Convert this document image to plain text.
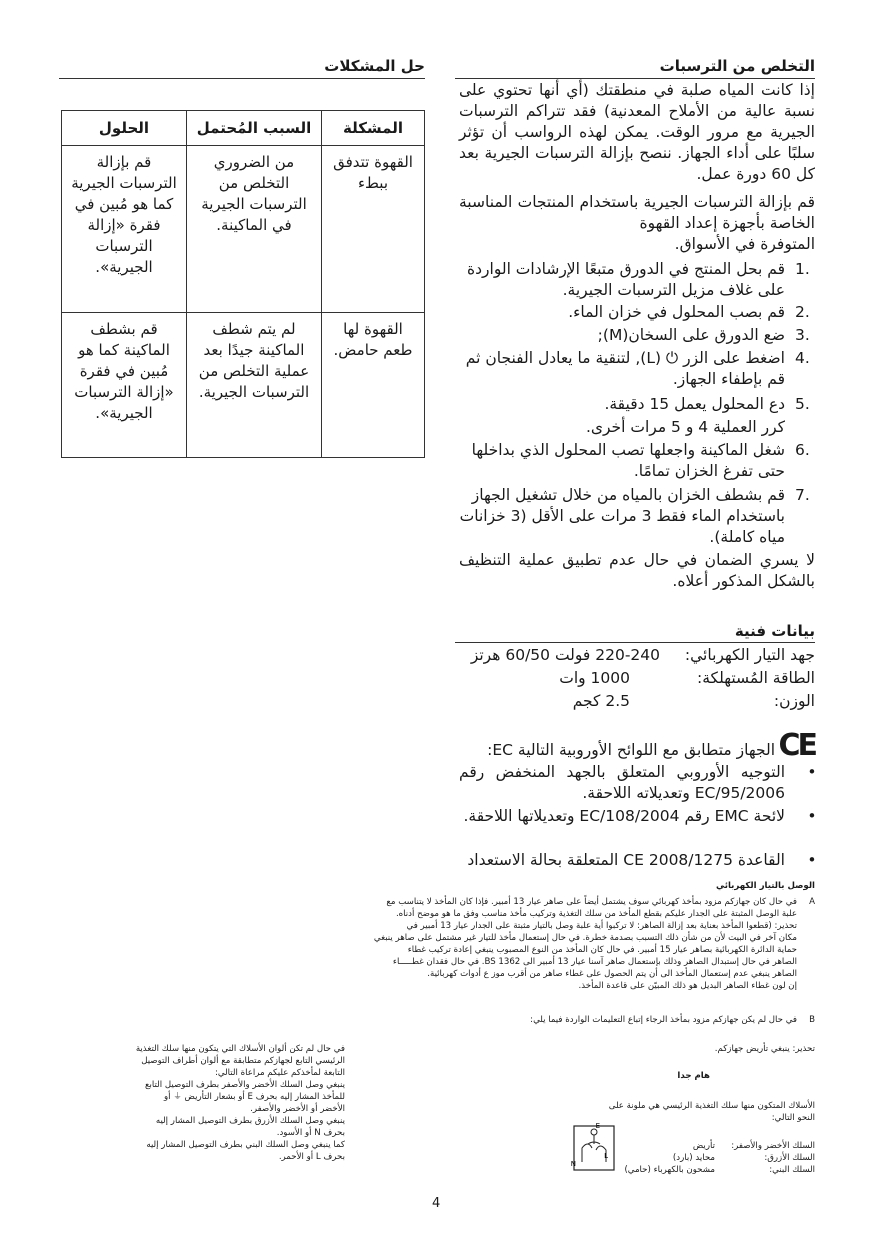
التخلص من الترسبات
إذا كانت المياه صلبة في منطقتك (أي أنها تحتوي على نسبة عالية من الأملاح المعدنية) فقد تتراكم الترسبات الجيرية مع مرور الوقت. يمكن لهذه الرواسب أن تؤثر سلبًا على أداء الجهاز. ننصح بإزالة الترسبات الجيرية بعد كل 60 دورة عمل.
قم بإزالة الترسبات الجيرية باستخدام المنتجات المناسبة الخاصة بأجهزة إعداد القهوة
المتوفرة في الأسواق.
1.
قم بحل المنتج في الدورق متبعًا الإرشادات الواردة على غلاف مزيل الترسبات الجيرية.
2.
قم بصب المحلول في خزان الماء.
3.
ضع الدورق على السخان(M);
4.
اضغط على الزر ⏻ (L), لتنقية ما يعادل الفنجان ثم قم بإطفاء الجهاز.
5.
دع المحلول يعمل 15 دقيقة.
كرر العملية 4 و 5 مرات أخرى.
6.
شغل الماكينة واجعلها تصب المحلول الذي بداخلها حتى تفرغ الخزان تمامًا.
7.
قم بشطف الخزان بالمياه من خلال تشغيل الجهاز باستخدام الماء فقط 3 مرات على الأقل (3 خزانات مياه كاملة).
لا يسري الضمان في حال عدم تطبيق عملية التنظيف بالشكل المذكور أعلاه.
حل المشكلات
المشكلة	السبب المُحتمل	الحلول
القهوة تتدفق ببطء	من الضروري التخلص من الترسبات الجيرية في الماكينة.	قم بإزالة الترسبات الجيرية كما هو مُبين في فقرة «إزالة الترسبات الجيرية».
القهوة لها طعم حامض.	لم يتم شطف الماكينة جيدًا بعد عملية التخلص من الترسبات الجيرية.	قم بشطف الماكينة كما هو مُبين في فقرة «إزالة الترسبات الجيرية».
بيانات فنية
جهد التيار الكهربائي:
220-240 فولت 60/50 هرتز
الطاقة المُستهلكة:
1000 وات
الوزن:
2.5 كجم
CE
الجهاز متطابق مع اللوائح الأوروبية التالية EC:
•
التوجيه الأوروبي المتعلق بالجهد المنخفض رقم EC/95/2006 وتعديلاته اللاحقة.
•
لائحة EMC رقم EC/108/2004 وتعديلاتها اللاحقة.
•
القاعدة CE 2008/1275 المتعلقة بحالة الاستعداد
الوصل بالتيار الكهربائي
A
في حال كان جهازكم مزود بمأخذ كهربائي سوف يشتمل أيضاً على صاهر عيار 13 أمبير. فإذا كان المأخذ لا يتناسب مع
علبة الوصل المثبتة على الجدار عليكم بقطع المأخذ من سلك التغذية وتركيب مأخذ مناسب وفق ما هو موضح أدناه.
تحذير: (قطعوا المأخذ بعناية بعد إزالة الصاهر: لا تركبوا أية علبة وصل بالتيار مثبتة على الجدار عيار 13 أمبير في
مكان آخر في البيت لأن من شأن ذلك التسبب بصدمة خطرة. في حال إستعمال مأخذ للتيار غير مشتمل على صاهر ينبغي
حماية الدائرة الكهربائية بصاهر عيار 15 أمبير. في حال كان المأخذ من النوع المصبوب ينبغي إعادة تركيب غطاء
الصاهر في حال إستبدال الصاهر وذلك بإستعمال صاهر آسنا عيار 13 أمبير الى BS 1362. في حال فقدان غطـــــاء
الصاهر ينبغي عدم إستعمال المأخذ الى أن يتم الحصول على غطاء صاهر من أقرب موز ع أدوات كهربائية.
إن لون غطاء الصاهر البديل هو ذلك المبيّن على قاعدة المأخذ.
B
في حال لم يكن جهازكم مزود بمأخذ الرجاء إتباع التعليمات الواردة فيما يلي:
في حال لم تكن ألوان الأسلاك التي يتكون منها سلك التغذية
الرئيسي التابع لجهازكم متطابقة مع ألوان أطراف التوصيل
التابعة لمأخذكم عليكم مراعاة التالي:
ينبغي وصل السلك الأخضر والأصفر بطرف التوصيل التابع
للمأخذ المشار إليه بحرف E أو بشعار التأريض ⏚ أو
الأخضر أو الأخضر والأصفر.
ينبغي وصل السلك الأزرق بطرف التوصيل المشار إليه
بحرف N أو الأسود.
كما ينبغي وصل السلك البني بطرف التوصيل المشار إليه
بحرف L أو الأحمر.
تحذير: ينبغي تأريض جهازكم.
هام جدا
الأسلاك المتكون منها سلك التغذية الرئيسي هي ملونة على
النحو التالي:
السلك الأخضر والأصفر:
تأريض
السلك الأزرق:
محايد (بارد)
السلك البني:
مشحون بالكهرباء (حامي)
E
N
L
4
